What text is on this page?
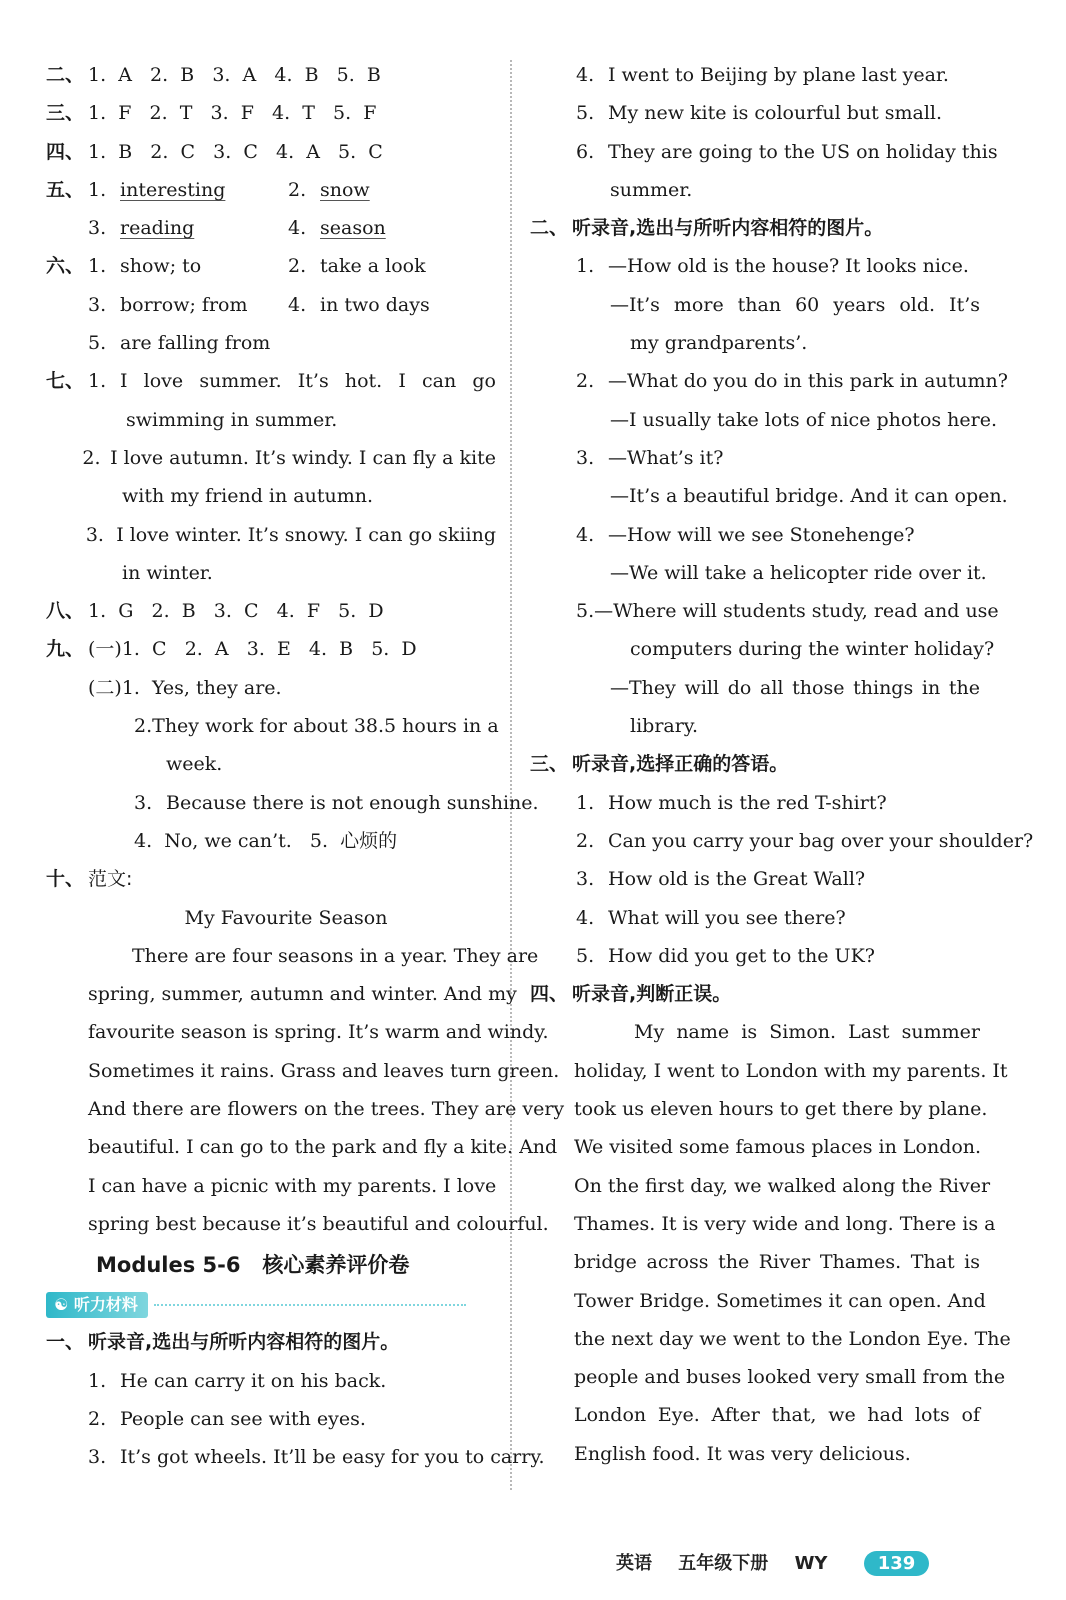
二、 1.  A   2.  B   3.  A   4.  B   5.  B
三、 1.  F   2.  T   3.  F   4.  T   5.  F
四、 1.  B   2.  C   3.  C   4.  A   5.  C
五、 1. interesting	2. snow
3. reading	4. season
六、 1. show; to	2. take a look
3. borrow; from 4. in two days
5. are falling from
七、 1. I love summer. It’s hot. I can go
swimming in summer.
2. I love autumn. It’s windy. I can fly a kite
with my friend in autumn.
3. I love winter. It’s snowy. I can go skiing
in winter.
八、 1.  G   2.  B   3.  C   4.  F   5.  D
九、 (一)1.  C   2.  A   3.  E   4.  B   5.  D
(二)1.  Yes, they are.
2. They work for about 38.5 hours in a
week.
3. Because there is not enough sunshine.
4.  No, we can’t.   5.  心烦的
十、 范文:
My Favourite Season
There are four seasons in a year. They are
spring, summer, autumn and winter. And my
favourite season is spring. It’s warm and windy.
Sometimes it rains. Grass and leaves turn green.
And there are flowers on the trees. They are very
beautiful. I can go to the park and fly a kite. And
I can have a picnic with my parents. I love
spring best because it’s beautiful and colourful.
Modules 5-6   核心素养评价卷
☯ 听力材料
一、 听录音,选出与所听内容相符的图片。
1. He can carry it on his back.
2. People can see with eyes.
3. It’s got wheels. It’ll be easy for you to carry.
4. I went to Beijing by plane last year.
5. My new kite is colourful but small.
6. They are going to the US on holiday this
summer.
二、 听录音,选出与所听内容相符的图片。
1. —How old is the house? It looks nice.
—It’s more than 60 years old. It’s
my grandparents’.
2. —What do you do in this park in autumn?
—I usually take lots of nice photos here.
3. —What’s it?
—It’s a beautiful bridge. And it can open.
4. —How will we see Stonehenge?
—We will take a helicopter ride over it.
5. —Where will students study, read and use
computers during the winter holiday?
—They will do all those things in the
library.
三、 听录音,选择正确的答语。
1. How much is the red T-shirt?
2. Can you carry your bag over your shoulder?
3. How old is the Great Wall?
4. What will you see there?
5. How did you get to the UK?
四、 听录音,判断正误。
My name is Simon. Last summer
holiday, I went to London with my parents. It
took us eleven hours to get there by plane.
We visited some famous places in London.
On the first day, we walked along the River
Thames. It is very wide and long. There is a
bridge across the River Thames. That is
Tower Bridge. Sometimes it can open. And
the next day we went to the London Eye. The
people and buses looked very small from the
London Eye. After that, we had lots of
English food. It was very delicious.
英语 五年级下册 WY	139
